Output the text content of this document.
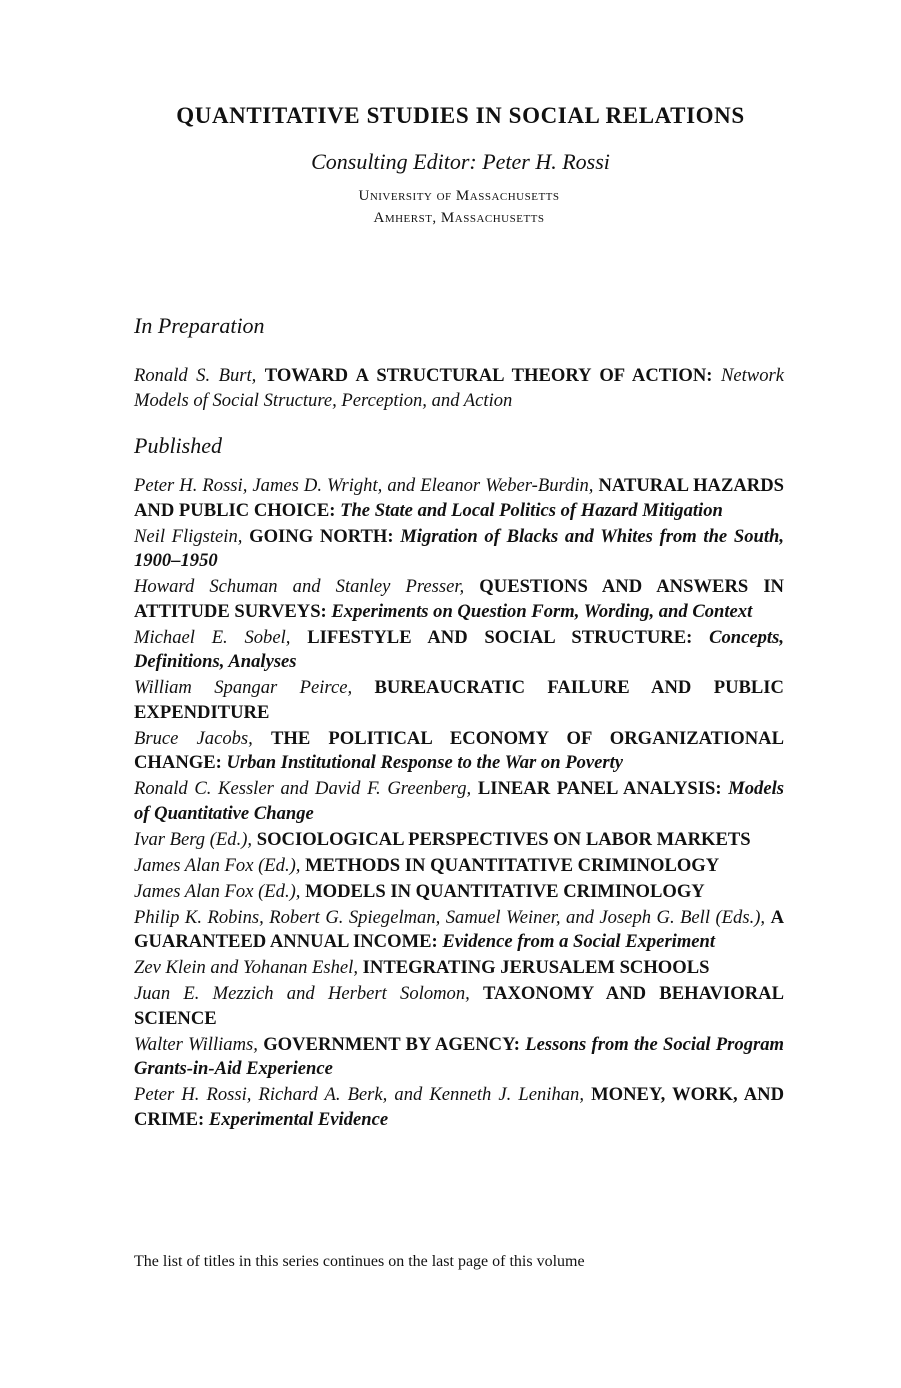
QUANTITATIVE STUDIES IN SOCIAL RELATIONS
Consulting Editor: Peter H. Rossi
University of Massachusetts
Amherst, Massachusetts
In Preparation
Ronald S. Burt, TOWARD A STRUCTURAL THEORY OF ACTION: Network Models of Social Structure, Perception, and Action
Published
Peter H. Rossi, James D. Wright, and Eleanor Weber-Burdin, NATURAL HAZARDS AND PUBLIC CHOICE: The State and Local Politics of Hazard Mitigation
Neil Fligstein, GOING NORTH: Migration of Blacks and Whites from the South, 1900–1950
Howard Schuman and Stanley Presser, QUESTIONS AND ANSWERS IN ATTITUDE SURVEYS: Experiments on Question Form, Wording, and Context
Michael E. Sobel, LIFESTYLE AND SOCIAL STRUCTURE: Concepts, Definitions, Analyses
William Spangar Peirce, BUREAUCRATIC FAILURE AND PUBLIC EXPENDITURE
Bruce Jacobs, THE POLITICAL ECONOMY OF ORGANIZATIONAL CHANGE: Urban Institutional Response to the War on Poverty
Ronald C. Kessler and David F. Greenberg, LINEAR PANEL ANALYSIS: Models of Quantitative Change
Ivar Berg (Ed.), SOCIOLOGICAL PERSPECTIVES ON LABOR MARKETS
James Alan Fox (Ed.), METHODS IN QUANTITATIVE CRIMINOLOGY
James Alan Fox (Ed.), MODELS IN QUANTITATIVE CRIMINOLOGY
Philip K. Robins, Robert G. Spiegelman, Samuel Weiner, and Joseph G. Bell (Eds.), A GUARANTEED ANNUAL INCOME: Evidence from a Social Experiment
Zev Klein and Yohanan Eshel, INTEGRATING JERUSALEM SCHOOLS
Juan E. Mezzich and Herbert Solomon, TAXONOMY AND BEHAVIORAL SCIENCE
Walter Williams, GOVERNMENT BY AGENCY: Lessons from the Social Program Grants-in-Aid Experience
Peter H. Rossi, Richard A. Berk, and Kenneth J. Lenihan, MONEY, WORK, AND CRIME: Experimental Evidence
The list of titles in this series continues on the last page of this volume
